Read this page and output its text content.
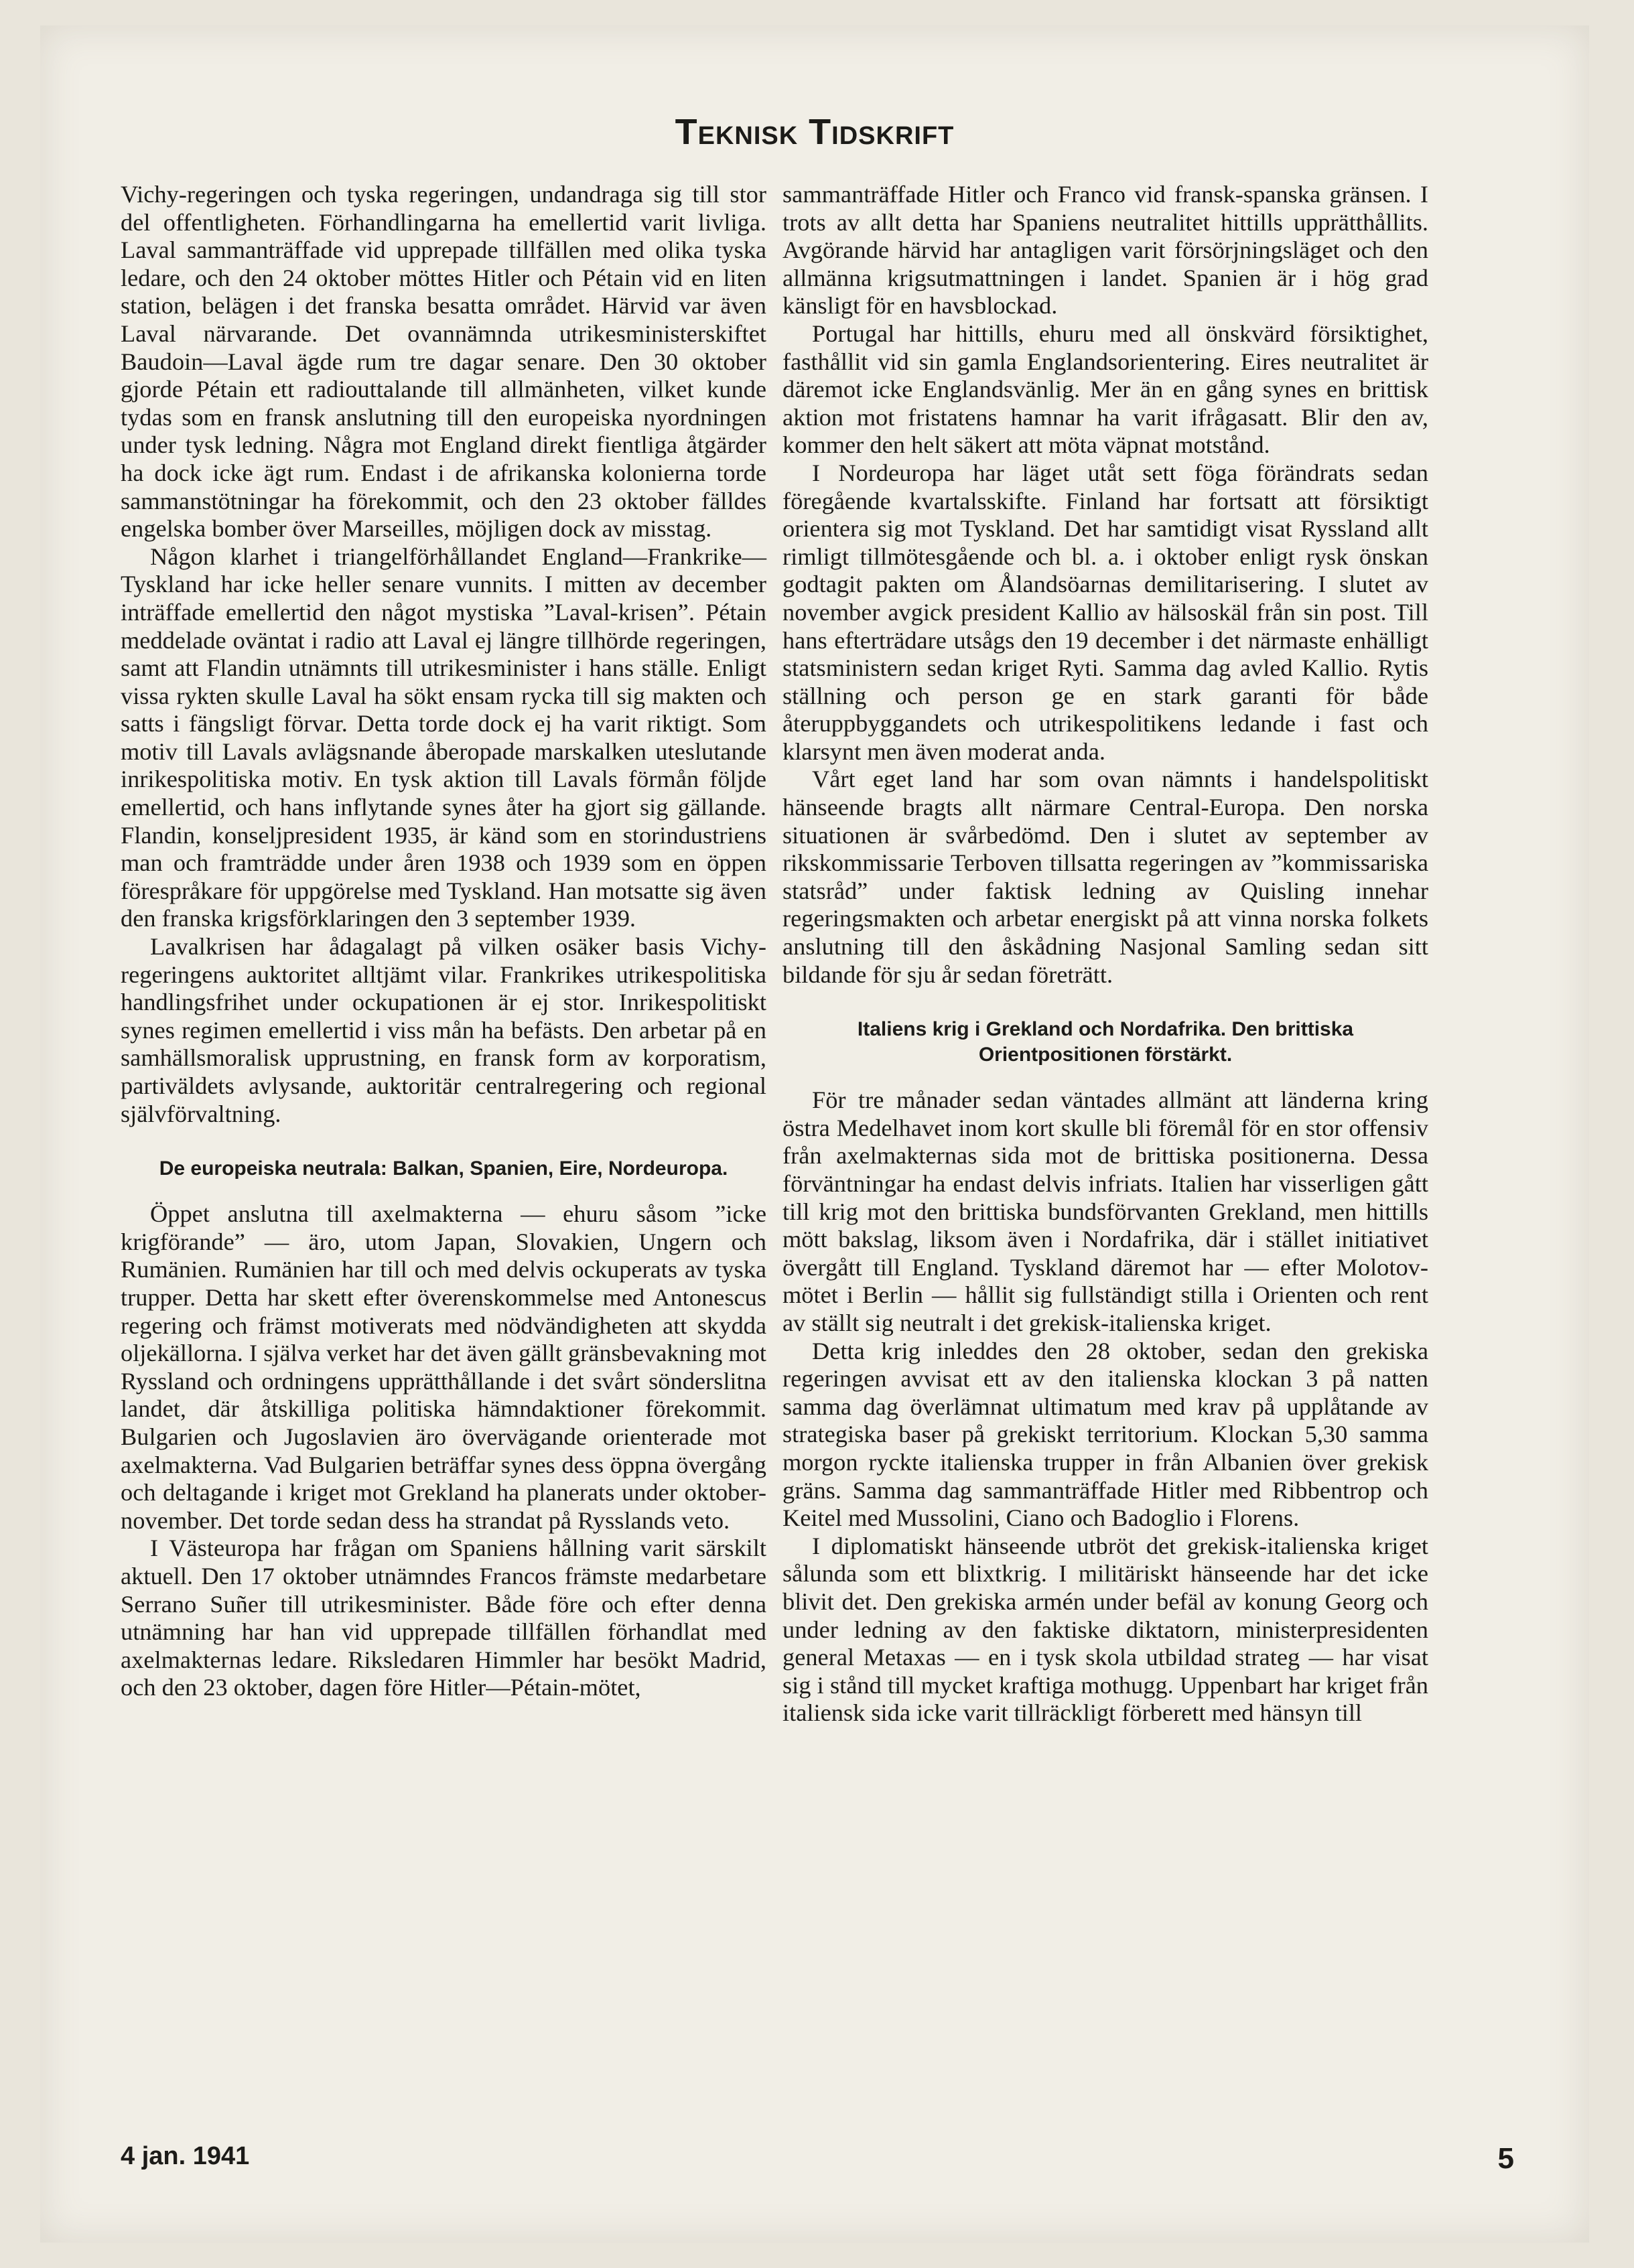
Teknisk Tidskrift

Vichy-regeringen och tyska regeringen, undandraga sig till stor del offentligheten. Förhandlingarna ha emellertid varit livliga. Laval sammanträffade vid upprepade tillfällen med olika tyska ledare, och den 24 oktober möttes Hitler och Pétain vid en liten station, belägen i det franska besatta området. Härvid var även Laval närvarande. Det ovannämnda utrikesministerskiftet Baudoin—Laval ägde rum tre dagar senare. Den 30 oktober gjorde Pétain ett radiouttalande till allmänheten, vilket kunde tydas som en fransk anslutning till den europeiska nyordningen under tysk ledning. Några mot England direkt fientliga åtgärder ha dock icke ägt rum. Endast i de afrikanska kolonierna torde sammanstötningar ha förekommit, och den 23 oktober fälldes engelska bomber över Marseilles, möjligen dock av misstag.

Någon klarhet i triangelförhållandet England—Frankrike—Tyskland har icke heller senare vunnits. I mitten av december inträffade emellertid den något mystiska ”Laval-krisen”. Pétain meddelade oväntat i radio att Laval ej längre tillhörde regeringen, samt att Flandin utnämnts till utrikesminister i hans ställe. Enligt vissa rykten skulle Laval ha sökt ensam rycka till sig makten och satts i fängsligt förvar. Detta torde dock ej ha varit riktigt. Som motiv till Lavals avlägsnande åberopade marskalken uteslutande inrikespolitiska motiv. En tysk aktion till Lavals förmån följde emellertid, och hans inflytande synes åter ha gjort sig gällande. Flandin, konseljpresident 1935, är känd som en storindustriens man och framträdde under åren 1938 och 1939 som en öppen förespråkare för uppgörelse med Tyskland. Han motsatte sig även den franska krigsförklaringen den 3 september 1939.

Lavalkrisen har ådagalagt på vilken osäker basis Vichy-regeringens auktoritet alltjämt vilar. Frankrikes utrikespolitiska handlingsfrihet under ockupationen är ej stor. Inrikespolitiskt synes regimen emellertid i viss mån ha befästs. Den arbetar på en samhällsmoralisk upprustning, en fransk form av korporatism, partiväldets avlysande, auktoritär centralregering och regional självförvaltning.

De europeiska neutrala: Balkan, Spanien, Eire, Nordeuropa.

Öppet anslutna till axelmakterna — ehuru såsom ”icke krigförande” — äro, utom Japan, Slovakien, Ungern och Rumänien. Rumänien har till och med delvis ockuperats av tyska trupper. Detta har skett efter överenskommelse med Antonescus regering och främst motiverats med nödvändigheten att skydda oljekällorna. I själva verket har det även gällt gränsbevakning mot Ryssland och ordningens upprätthållande i det svårt sönderslitna landet, där åtskilliga politiska hämndaktioner förekommit. Bulgarien och Jugoslavien äro övervägande orienterade mot axelmakterna. Vad Bulgarien beträffar synes dess öppna övergång och deltagande i kriget mot Grekland ha planerats under oktober-november. Det torde sedan dess ha strandat på Rysslands veto.

I Västeuropa har frågan om Spaniens hållning varit särskilt aktuell. Den 17 oktober utnämndes Francos främste medarbetare Serrano Suñer till utrikesminister. Både före och efter denna utnämning har han vid upprepade tillfällen förhandlat med axelmakternas ledare. Riksledaren Himmler har besökt Madrid, och den 23 oktober, dagen före Hitler—Pétain-mötet,

sammanträffade Hitler och Franco vid fransk-spanska gränsen. I trots av allt detta har Spaniens neutralitet hittills upprätthållits. Avgörande härvid har antagligen varit försörjningsläget och den allmänna krigsutmattningen i landet. Spanien är i hög grad känsligt för en havsblockad.

Portugal har hittills, ehuru med all önskvärd försiktighet, fasthållit vid sin gamla Englandsorientering. Eires neutralitet är däremot icke Englandsvänlig. Mer än en gång synes en brittisk aktion mot fristatens hamnar ha varit ifrågasatt. Blir den av, kommer den helt säkert att möta väpnat motstånd.

I Nordeuropa har läget utåt sett föga förändrats sedan föregående kvartalsskifte. Finland har fortsatt att försiktigt orientera sig mot Tyskland. Det har samtidigt visat Ryssland allt rimligt tillmötesgående och bl. a. i oktober enligt rysk önskan godtagit pakten om Ålandsöarnas demilitarisering. I slutet av november avgick president Kallio av hälsoskäl från sin post. Till hans efterträdare utsågs den 19 december i det närmaste enhälligt statsministern sedan kriget Ryti. Samma dag avled Kallio. Rytis ställning och person ge en stark garanti för både återuppbyggandets och utrikespolitikens ledande i fast och klarsynt men även moderat anda.

Vårt eget land har som ovan nämnts i handelspolitiskt hänseende bragts allt närmare Central-Europa. Den norska situationen är svårbedömd. Den i slutet av september av rikskommissarie Terboven tillsatta regeringen av ”kommissariska statsråd” under faktisk ledning av Quisling innehar regeringsmakten och arbetar energiskt på att vinna norska folkets anslutning till den åskådning Nasjonal Samling sedan sitt bildande för sju år sedan företrätt.

Italiens krig i Grekland och Nordafrika. Den brittiska Orientpositionen förstärkt.

För tre månader sedan väntades allmänt att länderna kring östra Medelhavet inom kort skulle bli föremål för en stor offensiv från axelmakternas sida mot de brittiska positionerna. Dessa förväntningar ha endast delvis infriats. Italien har visserligen gått till krig mot den brittiska bundsförvanten Grekland, men hittills mött bakslag, liksom även i Nordafrika, där i stället initiativet övergått till England. Tyskland däremot har — efter Molotov-mötet i Berlin — hållit sig fullständigt stilla i Orienten och rent av ställt sig neutralt i det grekisk-italienska kriget.

Detta krig inleddes den 28 oktober, sedan den grekiska regeringen avvisat ett av den italienska klockan 3 på natten samma dag överlämnat ultimatum med krav på upplåtande av strategiska baser på grekiskt territorium. Klockan 5,30 samma morgon ryckte italienska trupper in från Albanien över grekisk gräns. Samma dag sammanträffade Hitler med Ribbentrop och Keitel med Mussolini, Ciano och Badoglio i Florens.

I diplomatiskt hänseende utbröt det grekisk-italienska kriget sålunda som ett blixtkrig. I militäriskt hänseende har det icke blivit det. Den grekiska armén under befäl av konung Georg och under ledning av den faktiske diktatorn, ministerpresidenten general Metaxas — en i tysk skola utbildad strateg — har visat sig i stånd till mycket kraftiga mothugg. Uppenbart har kriget från italiensk sida icke varit tillräckligt förberett med hänsyn till

4 jan. 1941	5
